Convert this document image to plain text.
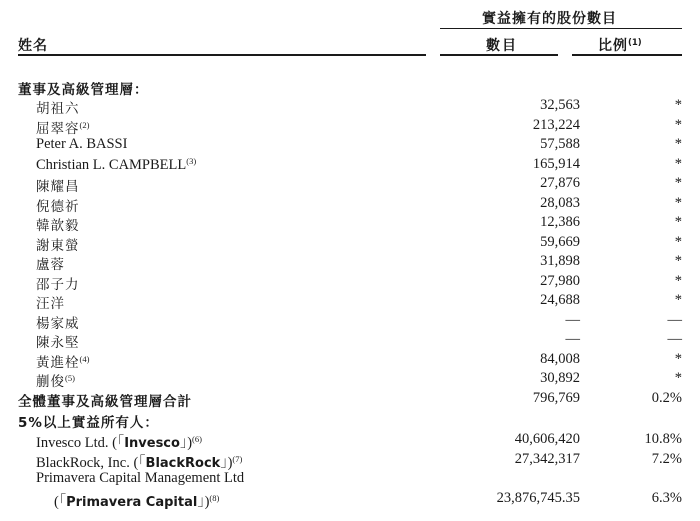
實益擁有的股份數目
姓名	數目	比例$^{(1)}$
董事及高級管理層：
胡祖六	32,563	*
屈翠容$^{(2)}$	213,224	*
Peter A. BASSI	57,588	*
Christian L. CAMPBELL$^{(3)}$	165,914	*
陳耀昌	27,876	*
倪德祈	28,083	*
韓歆毅	12,386	*
謝東螢	59,669	*
盧蓉	31,898	*
邵子力	27,980	*
汪洋	24,688	*
楊家威	—	—
陳永堅	—	—
黃進栓$^{(4)}$	84,008	*
蒯俊$^{(5)}$	30,892	*
全體董事及高級管理層合計	796,769	0.2%
5%以上實益所有人：
Invesco Ltd. (「Invesco」)$^{(6)}$	40,606,420	10.8%
BlackRock, Inc. (「BlackRock」)$^{(7)}$	27,342,317	7.2%
Primavera Capital Management Ltd
(「Primavera Capital」)$^{(8)}$	23,876,745.35	6.3%
